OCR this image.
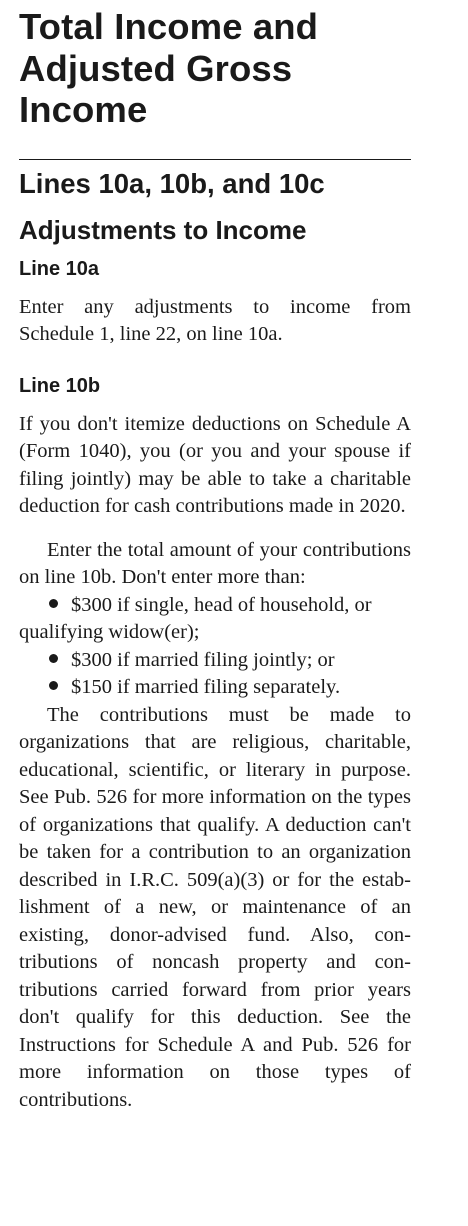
Total Income and Adjusted Gross Income
Lines 10a, 10b, and 10c
Adjustments to Income
Line 10a

Enter any adjustments to income from Schedule 1, line 22, on line 10a.

Line 10b

If you don't itemize deductions on Schedule A (Form 1040), you (or you and your spouse if filing jointly) may be able to take a charitable deduction for cash contributions made in 2020.

Enter the total amount of your contributions on line 10b. Don't enter more than:

$300 if single, head of household, or qualifying widow(er);
$300 if married filing jointly; or
$150 if married filing separately.

The contributions must be made to organizations that are religious, charitable, educational, scientific, or literary in purpose. See Pub. 526 for more information on the types of organizations that qualify. A deduction can't be taken for a contribution to an organization described in I.R.C. 509(a)(3) or for the establishment of a new, or maintenance of an existing, donor-advised fund. Also, contributions of noncash property and contributions carried forward from prior years don't qualify for this deduction. See the Instructions for Schedule A and Pub. 526 for more information on those types of contributions.
